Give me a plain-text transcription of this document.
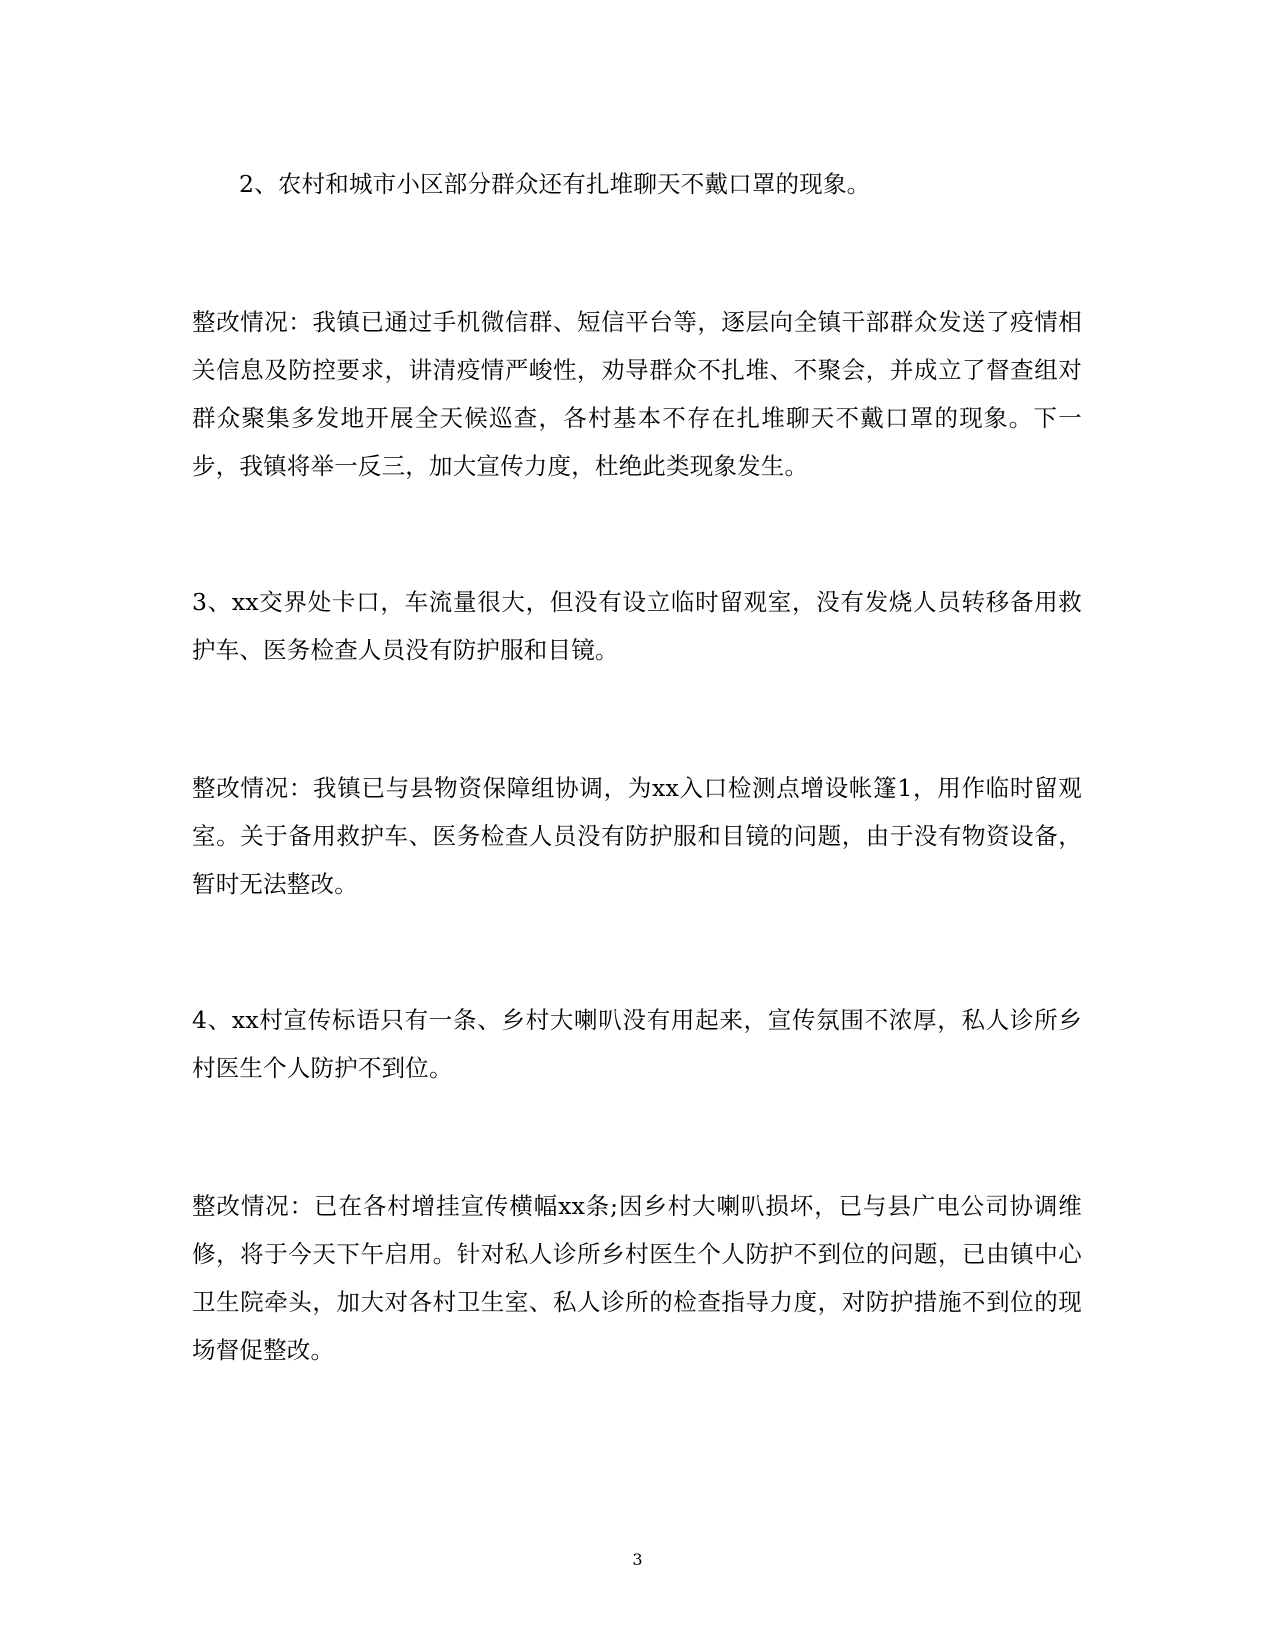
2、农村和城市小区部分群众还有扎堆聊天不戴口罩的现象。

整改情况：我镇已通过手机微信群、短信平台等，逐层向全镇干部群众发送了疫情相关信息及防控要求，讲清疫情严峻性，劝导群众不扎堆、不聚会，并成立了督查组对群众聚集多发地开展全天候巡查，各村基本不存在扎堆聊天不戴口罩的现象。下一步，我镇将举一反三，加大宣传力度，杜绝此类现象发生。

3、xx交界处卡口，车流量很大，但没有设立临时留观室，没有发烧人员转移备用救护车、医务检查人员没有防护服和目镜。

整改情况：我镇已与县物资保障组协调，为xx入口检测点增设帐篷1，用作临时留观室。关于备用救护车、医务检查人员没有防护服和目镜的问题，由于没有物资设备，暂时无法整改。

4、xx村宣传标语只有一条、乡村大喇叭没有用起来，宣传氛围不浓厚，私人诊所乡村医生个人防护不到位。

整改情况：已在各村增挂宣传横幅xx条;因乡村大喇叭损坏，已与县广电公司协调维修，将于今天下午启用。针对私人诊所乡村医生个人防护不到位的问题，已由镇中心卫生院牵头，加大对各村卫生室、私人诊所的检查指导力度，对防护措施不到位的现场督促整改。

3
